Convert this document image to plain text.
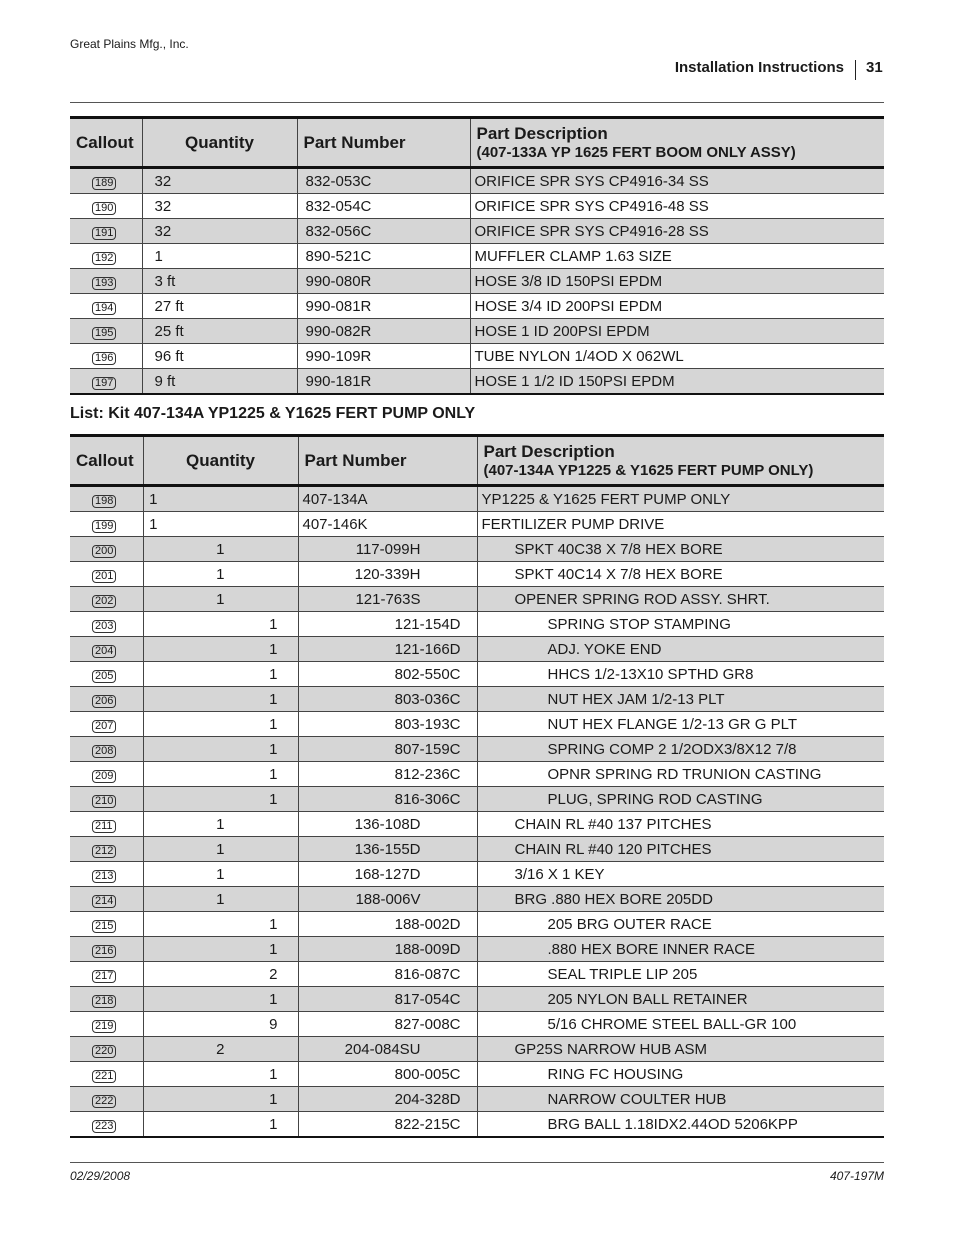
Great Plains Mfg., Inc.
Installation Instructions 31
Callout	Quantity	Part Number	Part Description
(407-133A YP 1625 FERT BOOM ONLY ASSY)

189	32	832-053C	ORIFICE SPR SYS CP4916-34 SS
190	32	832-054C	ORIFICE SPR SYS CP4916-48 SS
191	32	832-056C	ORIFICE SPR SYS CP4916-28 SS
192	1	890-521C	MUFFLER CLAMP 1.63 SIZE
193	3 ft	990-080R	HOSE 3/8 ID 150PSI EPDM
194	27 ft	990-081R	HOSE 3/4 ID 200PSI EPDM
195	25 ft	990-082R	HOSE 1 ID 200PSI EPDM
196	96 ft	990-109R	TUBE NYLON 1/4OD X 062WL
197	9 ft	990-181R	HOSE 1 1/2 ID 150PSI EPDM
List: Kit 407-134A YP1225 & Y1625 FERT PUMP ONLY
Callout	Quantity	Part Number	Part Description
(407-134A YP1225 & Y1625 FERT PUMP ONLY)

198	1	407-134A	YP1225 & Y1625 FERT PUMP ONLY
199	1	407-146K	FERTILIZER PUMP DRIVE
200	1	117-099H	SPKT 40C38 X 7/8 HEX BORE
201	1	120-339H	SPKT 40C14 X 7/8 HEX BORE
202	1	121-763S	OPENER SPRING ROD ASSY. SHRT.
203	1	121-154D	SPRING STOP STAMPING
204	1	121-166D	ADJ. YOKE END
205	1	802-550C	HHCS 1/2-13X10 SPTHD GR8
206	1	803-036C	NUT HEX JAM 1/2-13 PLT
207	1	803-193C	NUT HEX FLANGE 1/2-13 GR G PLT
208	1	807-159C	SPRING COMP 2 1/2ODX3/8X12 7/8
209	1	812-236C	OPNR SPRING RD TRUNION CASTING
210	1	816-306C	PLUG, SPRING ROD CASTING
211	1	136-108D	CHAIN RL #40 137 PITCHES
212	1	136-155D	CHAIN RL #40 120 PITCHES
213	1	168-127D	3/16 X 1 KEY
214	1	188-006V	BRG .880 HEX BORE 205DD
215	1	188-002D	205 BRG OUTER RACE
216	1	188-009D	.880 HEX BORE INNER RACE
217	2	816-087C	SEAL TRIPLE LIP 205
218	1	817-054C	205 NYLON BALL RETAINER
219	9	827-008C	5/16 CHROME STEEL BALL-GR 100
220	2	204-084SU	GP25S NARROW HUB ASM
221	1	800-005C	RING FC HOUSING
222	1	204-328D	NARROW COULTER HUB
223	1	822-215C	BRG BALL 1.18IDX2.44OD 5206KPP
02/29/2008	407-197M
